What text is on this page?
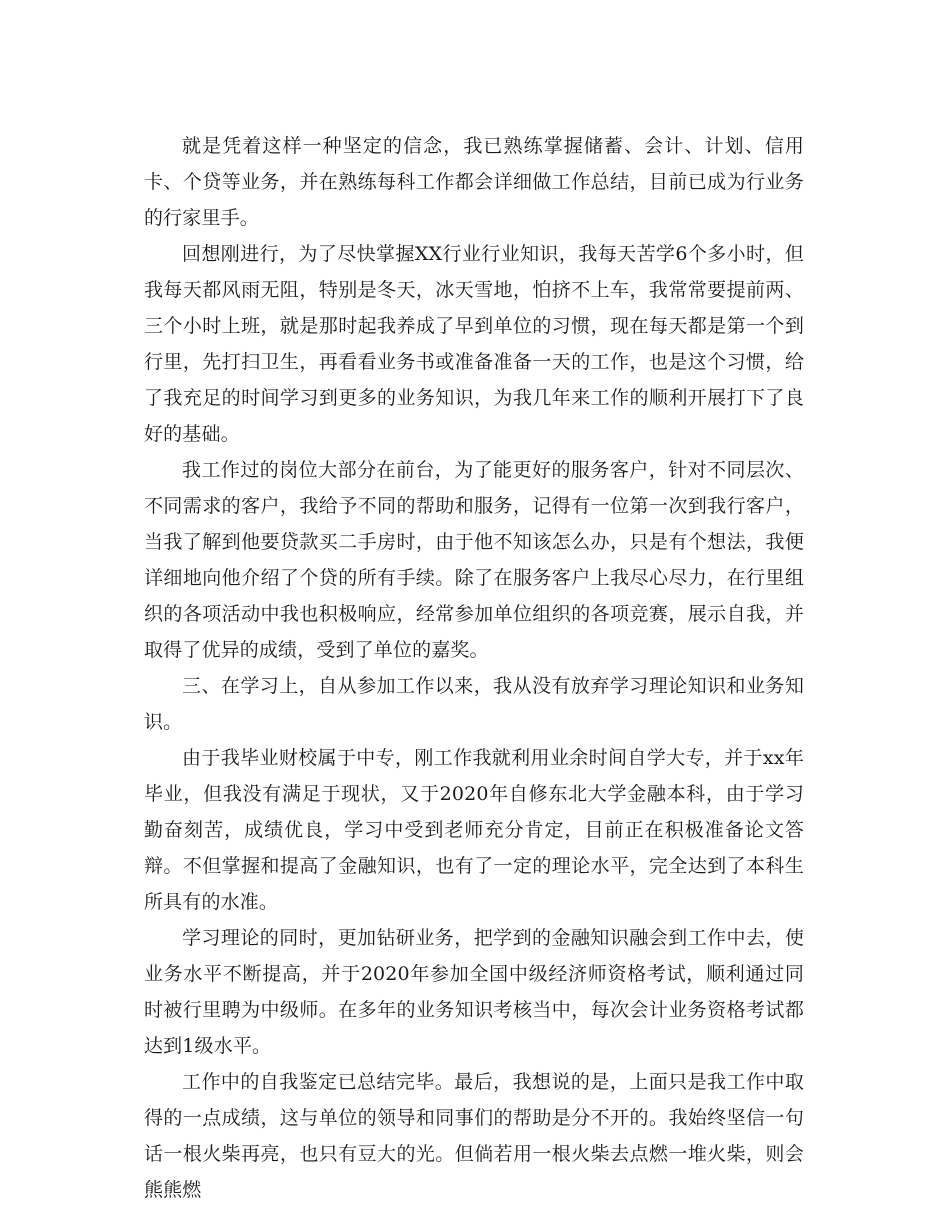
就是凭着这样一种坚定的信念，我已熟练掌握储蓄、会计、计划、信用卡、个贷等业务，并在熟练每科工作都会详细做工作总结，目前已成为行业务的行家里手。

回想刚进行，为了尽快掌握XX行业行业知识，我每天苦学6个多小时，但我每天都风雨无阻，特别是冬天，冰天雪地，怕挤不上车，我常常要提前两、三个小时上班，就是那时起我养成了早到单位的习惯，现在每天都是第一个到行里，先打扫卫生，再看看业务书或准备准备一天的工作，也是这个习惯，给了我充足的时间学习到更多的业务知识，为我几年来工作的顺利开展打下了良好的基础。

我工作过的岗位大部分在前台，为了能更好的服务客户，针对不同层次、不同需求的客户，我给予不同的帮助和服务，记得有一位第一次到我行客户，当我了解到他要贷款买二手房时，由于他不知该怎么办，只是有个想法，我便详细地向他介绍了个贷的所有手续。除了在服务客户上我尽心尽力，在行里组织的各项活动中我也积极响应，经常参加单位组织的各项竞赛，展示自我，并取得了优异的成绩，受到了单位的嘉奖。

三、在学习上，自从参加工作以来，我从没有放弃学习理论知识和业务知识。

由于我毕业财校属于中专，刚工作我就利用业余时间自学大专，并于xx年毕业，但我没有满足于现状，又于2020年自修东北大学金融本科，由于学习勤奋刻苦，成绩优良，学习中受到老师充分肯定，目前正在积极准备论文答辩。不但掌握和提高了金融知识，也有了一定的理论水平，完全达到了本科生所具有的水准。

学习理论的同时，更加钻研业务，把学到的金融知识融会到工作中去，使业务水平不断提高，并于2020年参加全国中级经济师资格考试，顺利通过同时被行里聘为中级师。在多年的业务知识考核当中，每次会计业务资格考试都达到1级水平。

工作中的自我鉴定已总结完毕。最后，我想说的是，上面只是我工作中取得的一点成绩，这与单位的领导和同事们的帮助是分不开的。我始终坚信一句话一根火柴再亮，也只有豆大的光。但倘若用一根火柴去点燃一堆火柴，则会熊熊燃
